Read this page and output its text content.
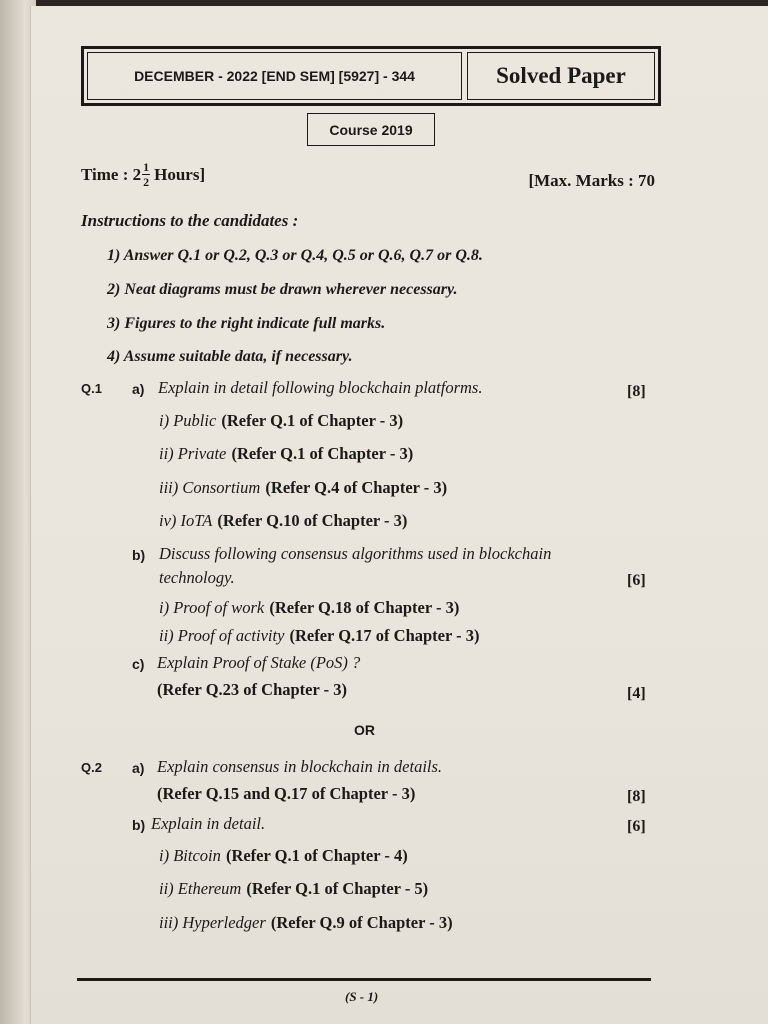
DECEMBER - 2022 [END SEM] [5927] - 344	Solved Paper
Course 2019
Time : $2 \frac{1}{2}$ Hours]	[Max. Marks : 70
Instructions to the candidates :
1) Answer Q.1 or Q.2, Q.3 or Q.4, Q.5 or Q.6, Q.7 or Q.8.
2) Neat diagrams must be drawn wherever necessary.
3) Figures to the right indicate full marks.
4) Assume suitable data, if necessary.
Q.1 a) Explain in detail following blockchain platforms.	[8]
i) Public (Refer Q.1 of Chapter - 3)
ii) Private (Refer Q.1 of Chapter - 3)
iii) Consortium (Refer Q.4 of Chapter - 3)
iv) IoTA (Refer Q.10 of Chapter - 3)
b) Discuss following consensus algorithms used in blockchain
technology.	[6]
i) Proof of work (Refer Q.18 of Chapter - 3)
ii) Proof of activity (Refer Q.17 of Chapter - 3)
c) Explain Proof of Stake (PoS) ?
(Refer Q.23 of Chapter - 3)	[4]
OR
Q.2 a) Explain consensus in blockchain in details.
(Refer Q.15 and Q.17 of Chapter - 3)	[8]
b) Explain in detail.	[6]
i) Bitcoin (Refer Q.1 of Chapter - 4)
ii) Ethereum (Refer Q.1 of Chapter - 5)
iii) Hyperledger (Refer Q.9 of Chapter - 3)
(S - 1)
